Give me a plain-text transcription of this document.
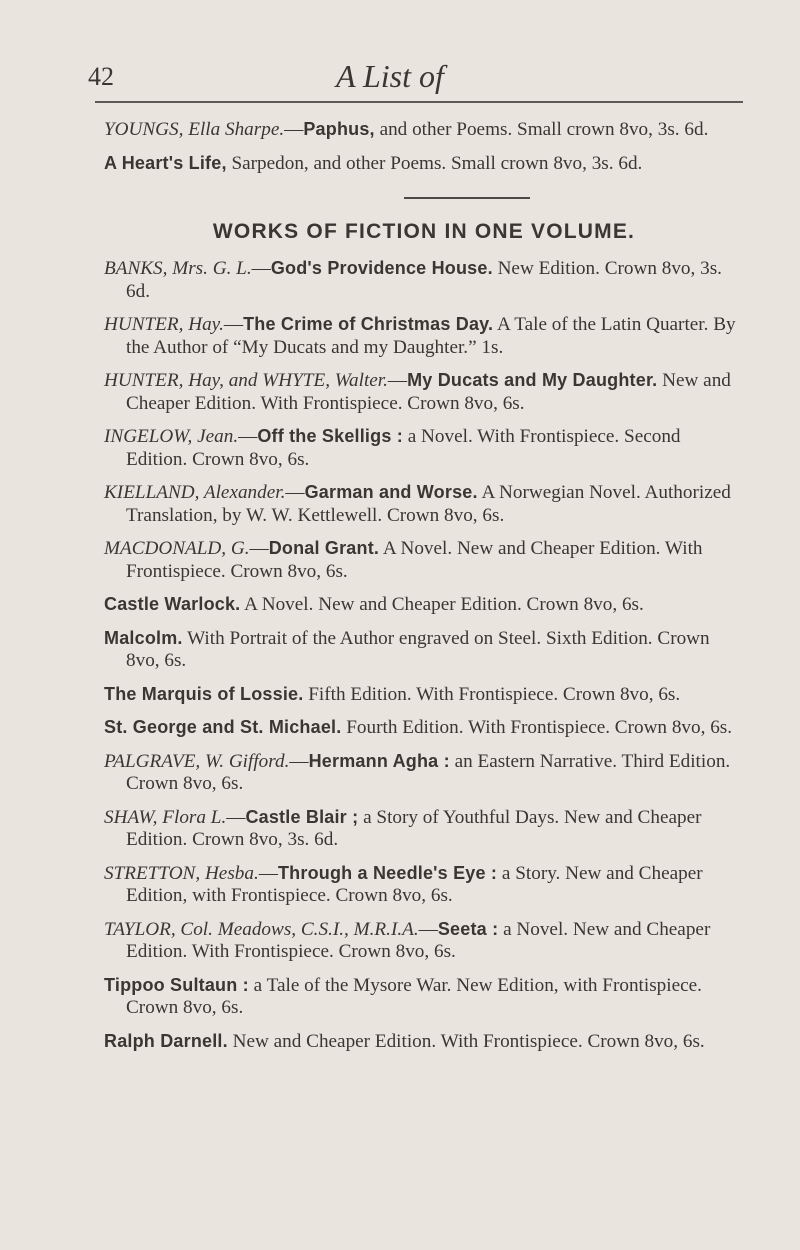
42	A List of

YOUNGS, Ella Sharpe.—Paphus, and other Poems. Small crown 8vo, 3s. 6d.

A Heart's Life, Sarpedon, and other Poems. Small crown 8vo, 3s. 6d.

WORKS OF FICTION IN ONE VOLUME.

BANKS, Mrs. G. L.—God's Providence House. New Edition. Crown 8vo, 3s. 6d.

HUNTER, Hay.—The Crime of Christmas Day. A Tale of the Latin Quarter. By the Author of “My Ducats and my Daughter.” 1s.

HUNTER, Hay, and WHYTE, Walter.—My Ducats and My Daughter. New and Cheaper Edition. With Frontispiece. Crown 8vo, 6s.

INGELOW, Jean.—Off the Skelligs : a Novel. With Frontispiece. Second Edition. Crown 8vo, 6s.

KIELLAND, Alexander.—Garman and Worse. A Norwegian Novel. Authorized Translation, by W. W. Kettlewell. Crown 8vo, 6s.

MACDONALD, G.—Donal Grant. A Novel. New and Cheaper Edition. With Frontispiece. Crown 8vo, 6s.

Castle Warlock. A Novel. New and Cheaper Edition. Crown 8vo, 6s.

Malcolm. With Portrait of the Author engraved on Steel. Sixth Edition. Crown 8vo, 6s.

The Marquis of Lossie. Fifth Edition. With Frontispiece. Crown 8vo, 6s.

St. George and St. Michael. Fourth Edition. With Frontispiece. Crown 8vo, 6s.

PALGRAVE, W. Gifford.—Hermann Agha : an Eastern Narrative. Third Edition. Crown 8vo, 6s.

SHAW, Flora L.—Castle Blair ; a Story of Youthful Days. New and Cheaper Edition. Crown 8vo, 3s. 6d.

STRETTON, Hesba.—Through a Needle's Eye : a Story. New and Cheaper Edition, with Frontispiece. Crown 8vo, 6s.

TAYLOR, Col. Meadows, C.S.I., M.R.I.A.—Seeta : a Novel. New and Cheaper Edition. With Frontispiece. Crown 8vo, 6s.

Tippoo Sultaun : a Tale of the Mysore War. New Edition, with Frontispiece. Crown 8vo, 6s.

Ralph Darnell. New and Cheaper Edition. With Frontispiece. Crown 8vo, 6s.
